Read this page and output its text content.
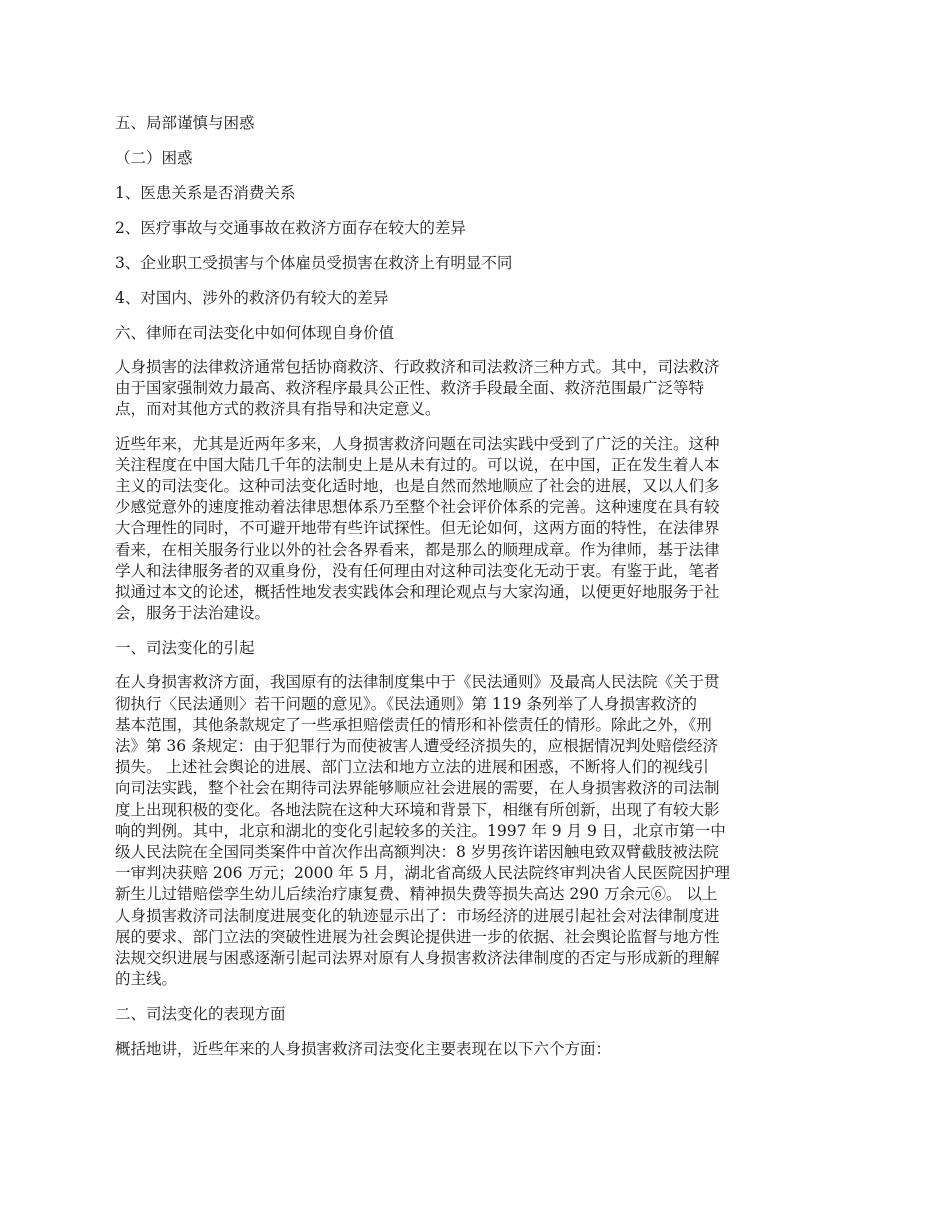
五、局部谨慎与困惑
（二）困惑
1、医患关系是否消费关系
2、医疗事故与交通事故在救济方面存在较大的差异
3、企业职工受损害与个体雇员受损害在救济上有明显不同
4、对国内、涉外的救济仍有较大的差异
六、律师在司法变化中如何体现自身价值
人身损害的法律救济通常包括协商救济、行政救济和司法救济三种方式。其中，司法救济
由于国家强制效力最高、救济程序最具公正性、救济手段最全面、救济范围最广泛等特
点，而对其他方式的救济具有指导和决定意义。
近些年来，尤其是近两年多来，人身损害救济问题在司法实践中受到了广泛的关注。这种
关注程度在中国大陆几千年的法制史上是从未有过的。可以说，在中国，正在发生着人本
主义的司法变化。这种司法变化适时地，也是自然而然地顺应了社会的进展，又以人们多
少感觉意外的速度推动着法律思想体系乃至整个社会评价体系的完善。这种速度在具有较
大合理性的同时，不可避开地带有些许试探性。但无论如何，这两方面的特性，在法律界
看来，在相关服务行业以外的社会各界看来，都是那么的顺理成章。作为律师，基于法律
学人和法律服务者的双重身份，没有任何理由对这种司法变化无动于衷。有鉴于此，笔者
拟通过本文的论述，概括性地发表实践体会和理论观点与大家沟通，以便更好地服务于社
会，服务于法治建设。
一、司法变化的引起
在人身损害救济方面，我国原有的法律制度集中于《民法通则》及最高人民法院《关于贯
彻执行〈民法通则〉若干问题的意见》。《民法通则》第 119 条列举了人身损害救济的
基本范围，其他条款规定了一些承担赔偿责任的情形和补偿责任的情形。除此之外，《刑
法》第 36 条规定：由于犯罪行为而使被害人遭受经济损失的，应根据情况判处赔偿经济
损失。 上述社会舆论的进展、部门立法和地方立法的进展和困惑，不断将人们的视线引
向司法实践，整个社会在期待司法界能够顺应社会进展的需要，在人身损害救济的司法制
度上出现积极的变化。各地法院在这种大环境和背景下，相继有所创新，出现了有较大影
响的判例。其中，北京和湖北的变化引起较多的关注。1997 年 9 月 9 日，北京市第一中
级人民法院在全国同类案件中首次作出高额判决：8 岁男孩许诺因触电致双臂截肢被法院
一审判决获赔 206 万元；2000 年 5 月，湖北省高级人民法院终审判决省人民医院因护理
新生儿过错赔偿孪生幼儿后续治疗康复费、精神损失费等损失高达 290 万余元⑥。 以上
人身损害救济司法制度进展变化的轨迹显示出了：市场经济的进展引起社会对法律制度进
展的要求、部门立法的突破性进展为社会舆论提供进一步的依据、社会舆论监督与地方性
法规交织进展与困惑逐渐引起司法界对原有人身损害救济法律制度的否定与形成新的理解
的主线。
二、司法变化的表现方面
概括地讲，近些年来的人身损害救济司法变化主要表现在以下六个方面：
